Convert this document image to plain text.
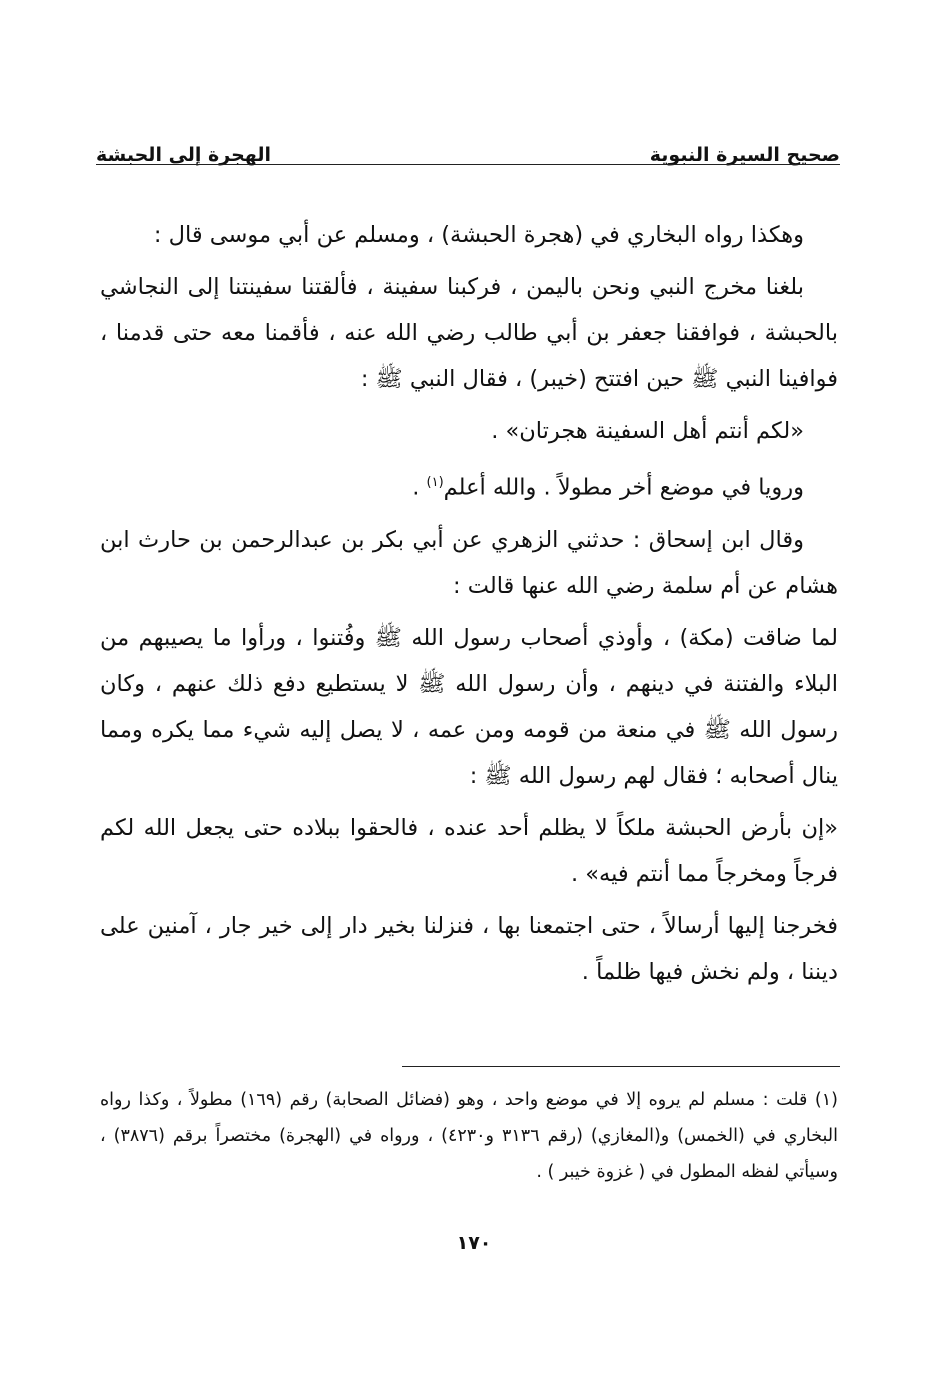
صحيح السيرة النبوية
الهجرة إلى الحبشة

وهكذا رواه البخاري في (هجرة الحبشة) ، ومسلم عن أبي موسى قال :

بلغنا مخرج النبي ونحن باليمن ، فركبنا سفينة ، فألقتنا سفينتنا إلى النجاشي بالحبشة ، فوافقنا جعفر بن أبي طالب رضي الله عنه ، فأقمنا معه حتى قدمنا ، فوافينا النبي ﷺ حين افتتح (خيبر) ، فقال النبي ﷺ :

«لكم أنتم أهل السفينة هجرتان» .

ورويا في موضع أخر مطولاً . والله أعلم$^{(١)}$ .

وقال ابن إسحاق : حدثني الزهري عن أبي بكر بن عبدالرحمن بن حارث ابن هشام عن أم سلمة رضي الله عنها قالت :

لما ضاقت (مكة) ، وأوذي أصحاب رسول الله ﷺ وفُتنوا ، ورأوا ما يصيبهم من البلاء والفتنة في دينهم ، وأن رسول الله ﷺ لا يستطيع دفع ذلك عنهم ، وكان رسول الله ﷺ في منعة من قومه ومن عمه ، لا يصل إليه شيء مما يكره ومما ينال أصحابه ؛ فقال لهم رسول الله ﷺ :

«إن بأرض الحبشة ملكاً لا يظلم أحد عنده ، فالحقوا ببلاده حتى يجعل الله لكم فرجاً ومخرجاً مما أنتم فيه» .

فخرجنا إليها أرسالاً ، حتى اجتمعنا بها ، فنزلنا بخير دار إلى خير جار ، آمنين على ديننا ، ولم نخش فيها ظلماً .

(١) قلت : مسلم لم يروه إلا في موضع واحد ، وهو (فضائل الصحابة) رقم (١٦٩) مطولاً ، وكذا رواه البخاري في (الخمس) و(المغازي) (رقم ٣١٣٦ و٤٢٣٠) ، ورواه في (الهجرة) مختصراً برقم (٣٨٧٦) ، وسيأتي لفظه المطول في ( غزوة خيبر ) .

١٧٠
